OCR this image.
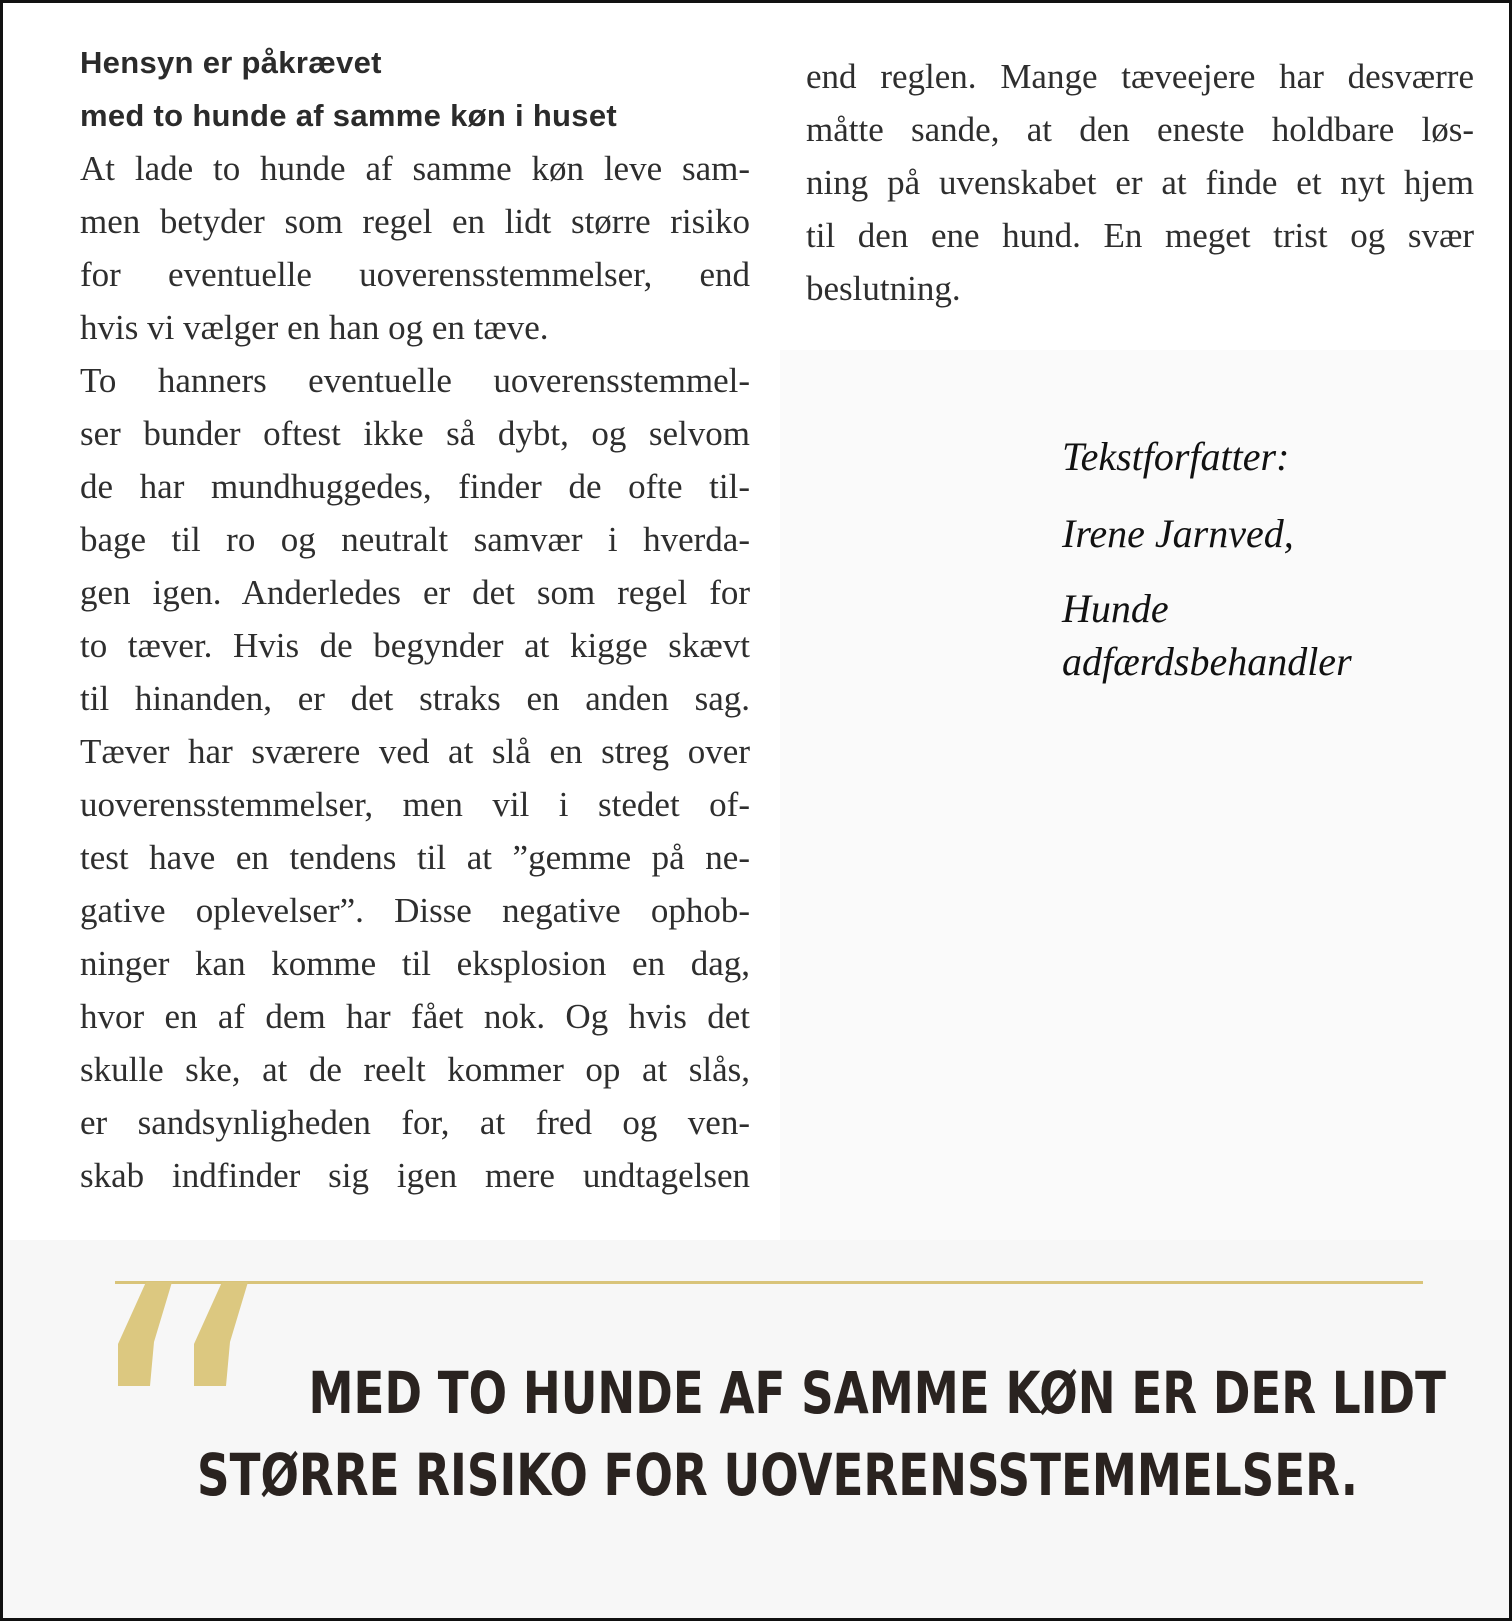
Hensyn er påkrævet
med to hunde af samme køn i huset
At lade to hunde af samme køn leve sam-
men betyder som regel en lidt større risiko
for eventuelle uoverensstemmelser, end
hvis vi vælger en han og en tæve.
To hanners eventuelle uoverensstemmel-
ser bunder oftest ikke så dybt, og selvom
de har mundhuggedes, finder de ofte til-
bage til ro og neutralt samvær i hverda-
gen igen. Anderledes er det som regel for
to tæver. Hvis de begynder at kigge skævt
til hinanden, er det straks en anden sag.
Tæver har sværere ved at slå en streg over
uoverensstemmelser, men vil i stedet of-
test have en tendens til at ”gemme på ne-
gative oplevelser”. Disse negative ophob-
ninger kan komme til eksplosion en dag,
hvor en af dem har fået nok. Og hvis det
skulle ske, at de reelt kommer op at slås,
er sandsynligheden for, at fred og ven-
skab indfinder sig igen mere undtagelsen
end reglen. Mange tæveejere har desværre
måtte sande, at den eneste holdbare løs-
ning på uvenskabet er at finde et nyt hjem
til den ene hund. En meget trist og svær
beslutning.
Tekstforfatter:
Irene Jarnved,
Hunde
adfærdsbehandler
MED TO HUNDE AF SAMME KØN ER DER LIDT
STØRRE RISIKO FOR UOVERENSSTEMMELSER.
